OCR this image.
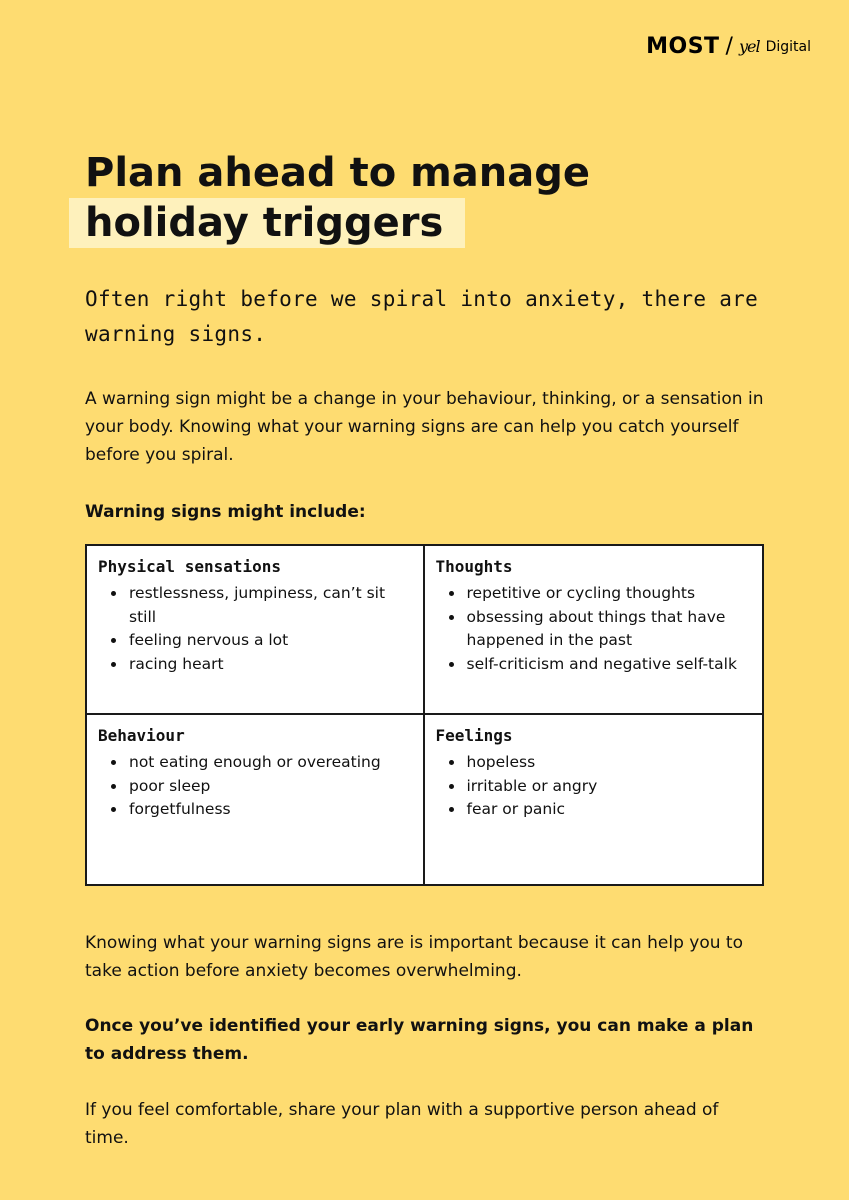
MOST / yel Digital
Plan ahead to manage
holiday triggers

Often right before we spiral into anxiety, there are warning signs.

A warning sign might be a change in your behaviour, thinking, or a sensation in your body. Knowing what your warning signs are can help you catch yourself before you spiral.

Warning signs might include:

Physical sensations
• restlessness, jumpiness, can’t sit still
• feeling nervous a lot
• racing heart
Thoughts
• repetitive or cycling thoughts
• obsessing about things that have happened in the past
• self-criticism and negative self-talk
Behaviour
• not eating enough or overeating
• poor sleep
• forgetfulness
Feelings
• hopeless
• irritable or angry
• fear or panic

Knowing what your warning signs are is important because it can help you to take action before anxiety becomes overwhelming.

Once you’ve identified your early warning signs, you can make a plan to address them.

If you feel comfortable, share your plan with a supportive person ahead of time.
